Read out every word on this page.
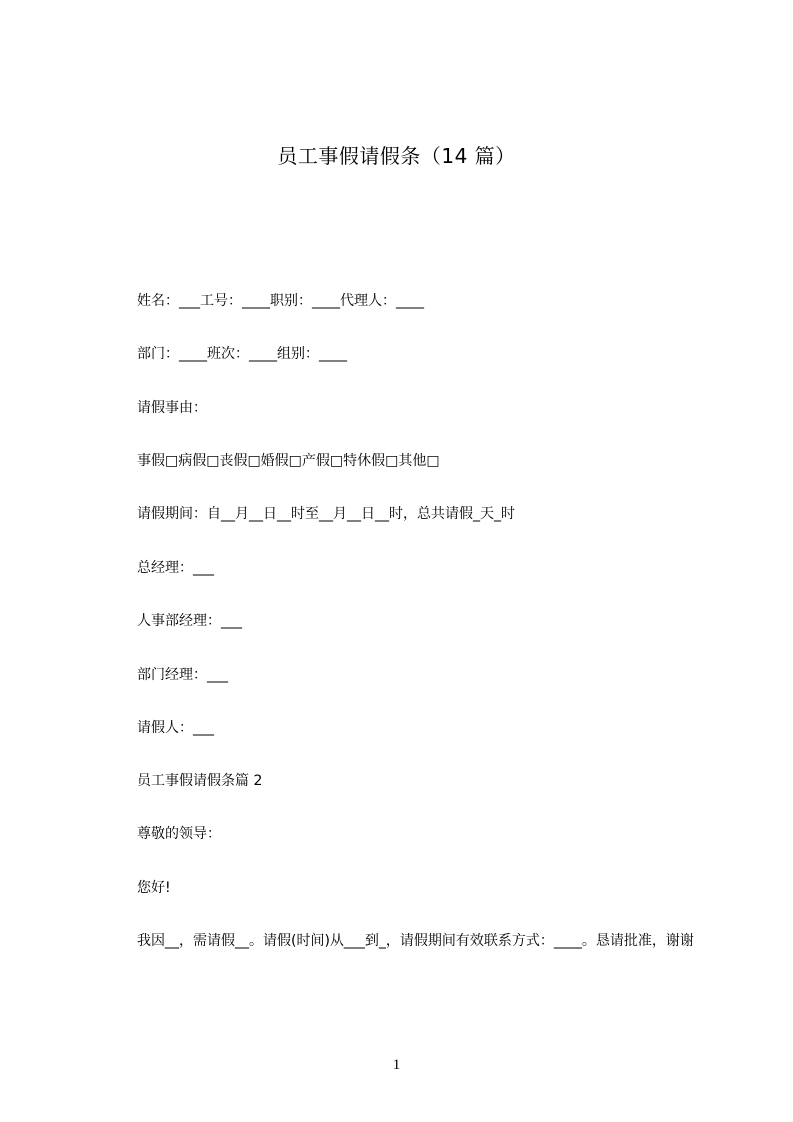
员工事假请假条（14 篇）
姓名：___工号：____职别：____代理人：____
部门：____班次：____组别：____
请假事由：
事假□病假□丧假□婚假□产假□特休假□其他□
请假期间：自__月__日__时至__月__日__时，总共请假_天_时
总经理：___
人事部经理：___
部门经理：___
请假人：___
员工事假请假条篇 2
尊敬的领导：
您好!
我因__，需请假__。请假(时间)从___到_，请假期间有效联系方式：____。恳请批准，谢谢
1
